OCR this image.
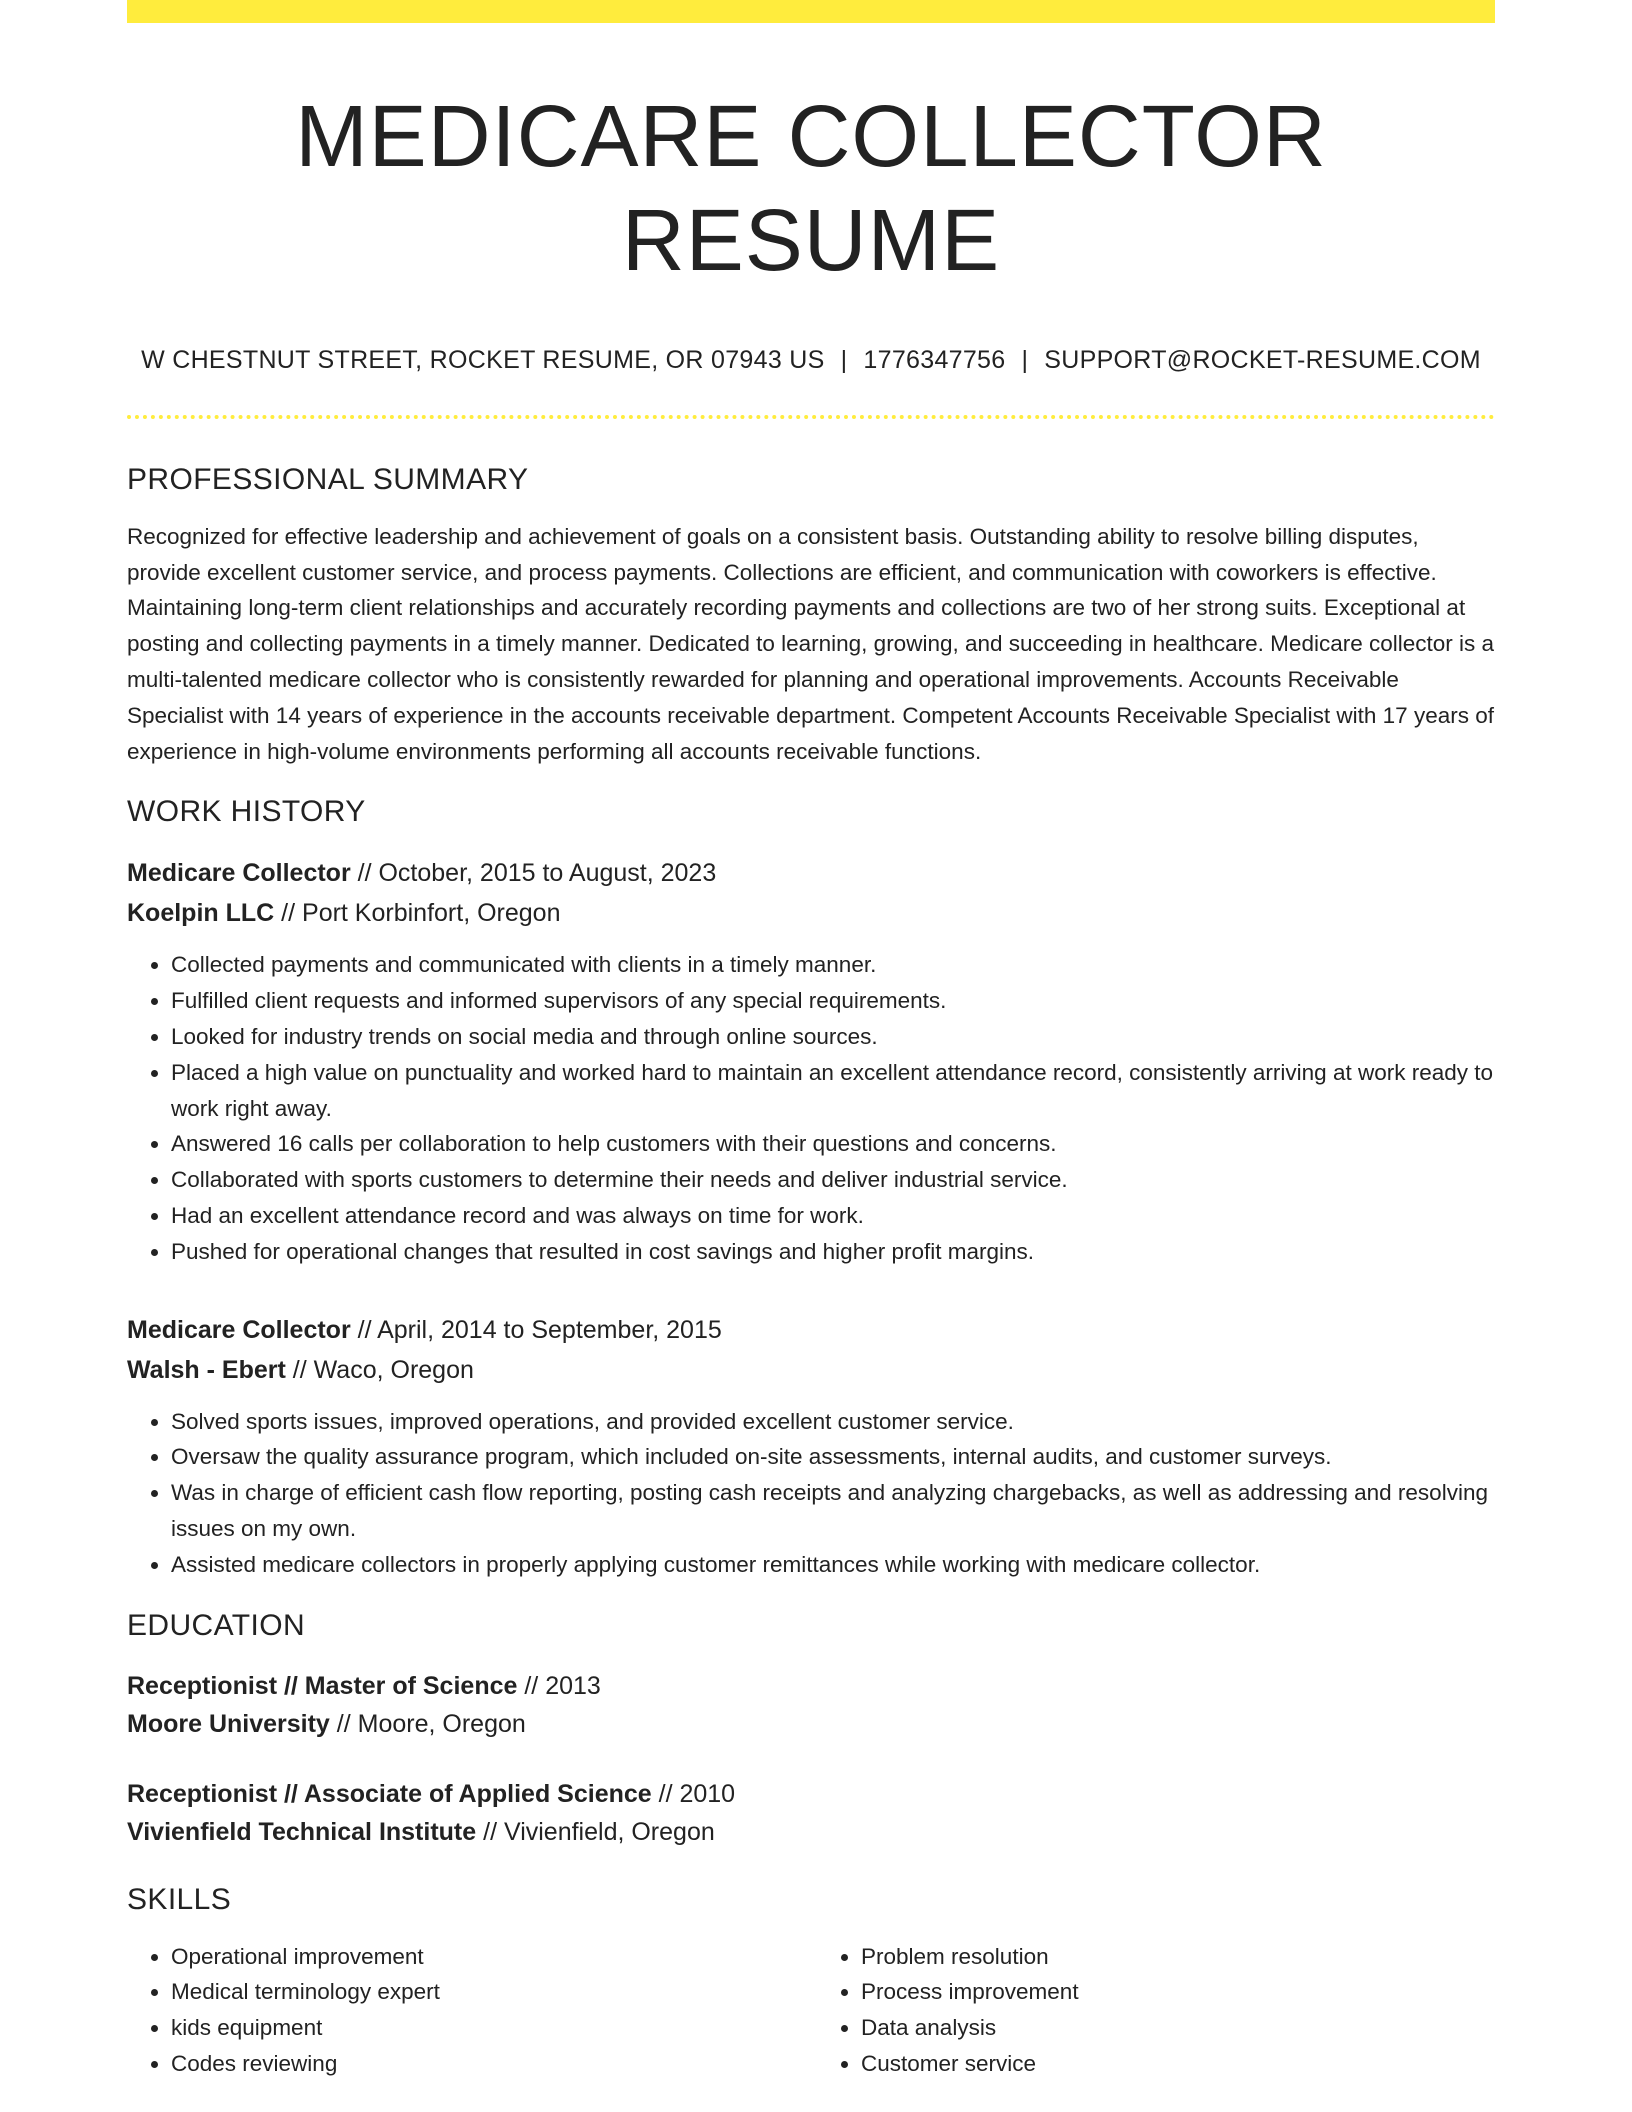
MEDICARE COLLECTOR RESUME
W CHESTNUT STREET, ROCKET RESUME, OR 07943 US | 1776347756 | SUPPORT@ROCKET-RESUME.COM
PROFESSIONAL SUMMARY

Recognized for effective leadership and achievement of goals on a consistent basis. Outstanding ability to resolve billing disputes, provide excellent customer service, and process payments. Collections are efficient, and communication with coworkers is effective. Maintaining long-term client relationships and accurately recording payments and collections are two of her strong suits. Exceptional at posting and collecting payments in a timely manner. Dedicated to learning, growing, and succeeding in healthcare. Medicare collector is a multi-talented medicare collector who is consistently rewarded for planning and operational improvements. Accounts Receivable Specialist with 14 years of experience in the accounts receivable department. Competent Accounts Receivable Specialist with 17 years of experience in high-volume environments performing all accounts receivable functions.

WORK HISTORY
Medicare Collector // October, 2015 to August, 2023
Koelpin LLC // Port Korbinfort, Oregon
• Collected payments and communicated with clients in a timely manner.
• Fulfilled client requests and informed supervisors of any special requirements.
• Looked for industry trends on social media and through online sources.
• Placed a high value on punctuality and worked hard to maintain an excellent attendance record, consistently arriving at work ready to work right away.
• Answered 16 calls per collaboration to help customers with their questions and concerns.
• Collaborated with sports customers to determine their needs and deliver industrial service.
• Had an excellent attendance record and was always on time for work.
• Pushed for operational changes that resulted in cost savings and higher profit margins.
Medicare Collector // April, 2014 to September, 2015
Walsh - Ebert // Waco, Oregon
• Solved sports issues, improved operations, and provided excellent customer service.
• Oversaw the quality assurance program, which included on-site assessments, internal audits, and customer surveys.
• Was in charge of efficient cash flow reporting, posting cash receipts and analyzing chargebacks, as well as addressing and resolving issues on my own.
• Assisted medicare collectors in properly applying customer remittances while working with medicare collector.
EDUCATION
Receptionist // Master of Science // 2013
Moore University // Moore, Oregon
Receptionist // Associate of Applied Science // 2010
Vivienfield Technical Institute // Vivienfield, Oregon
SKILLS
• Operational improvement
• Medical terminology expert
• kids equipment
• Codes reviewing
• Problem resolution
• Process improvement
• Data analysis
• Customer service
